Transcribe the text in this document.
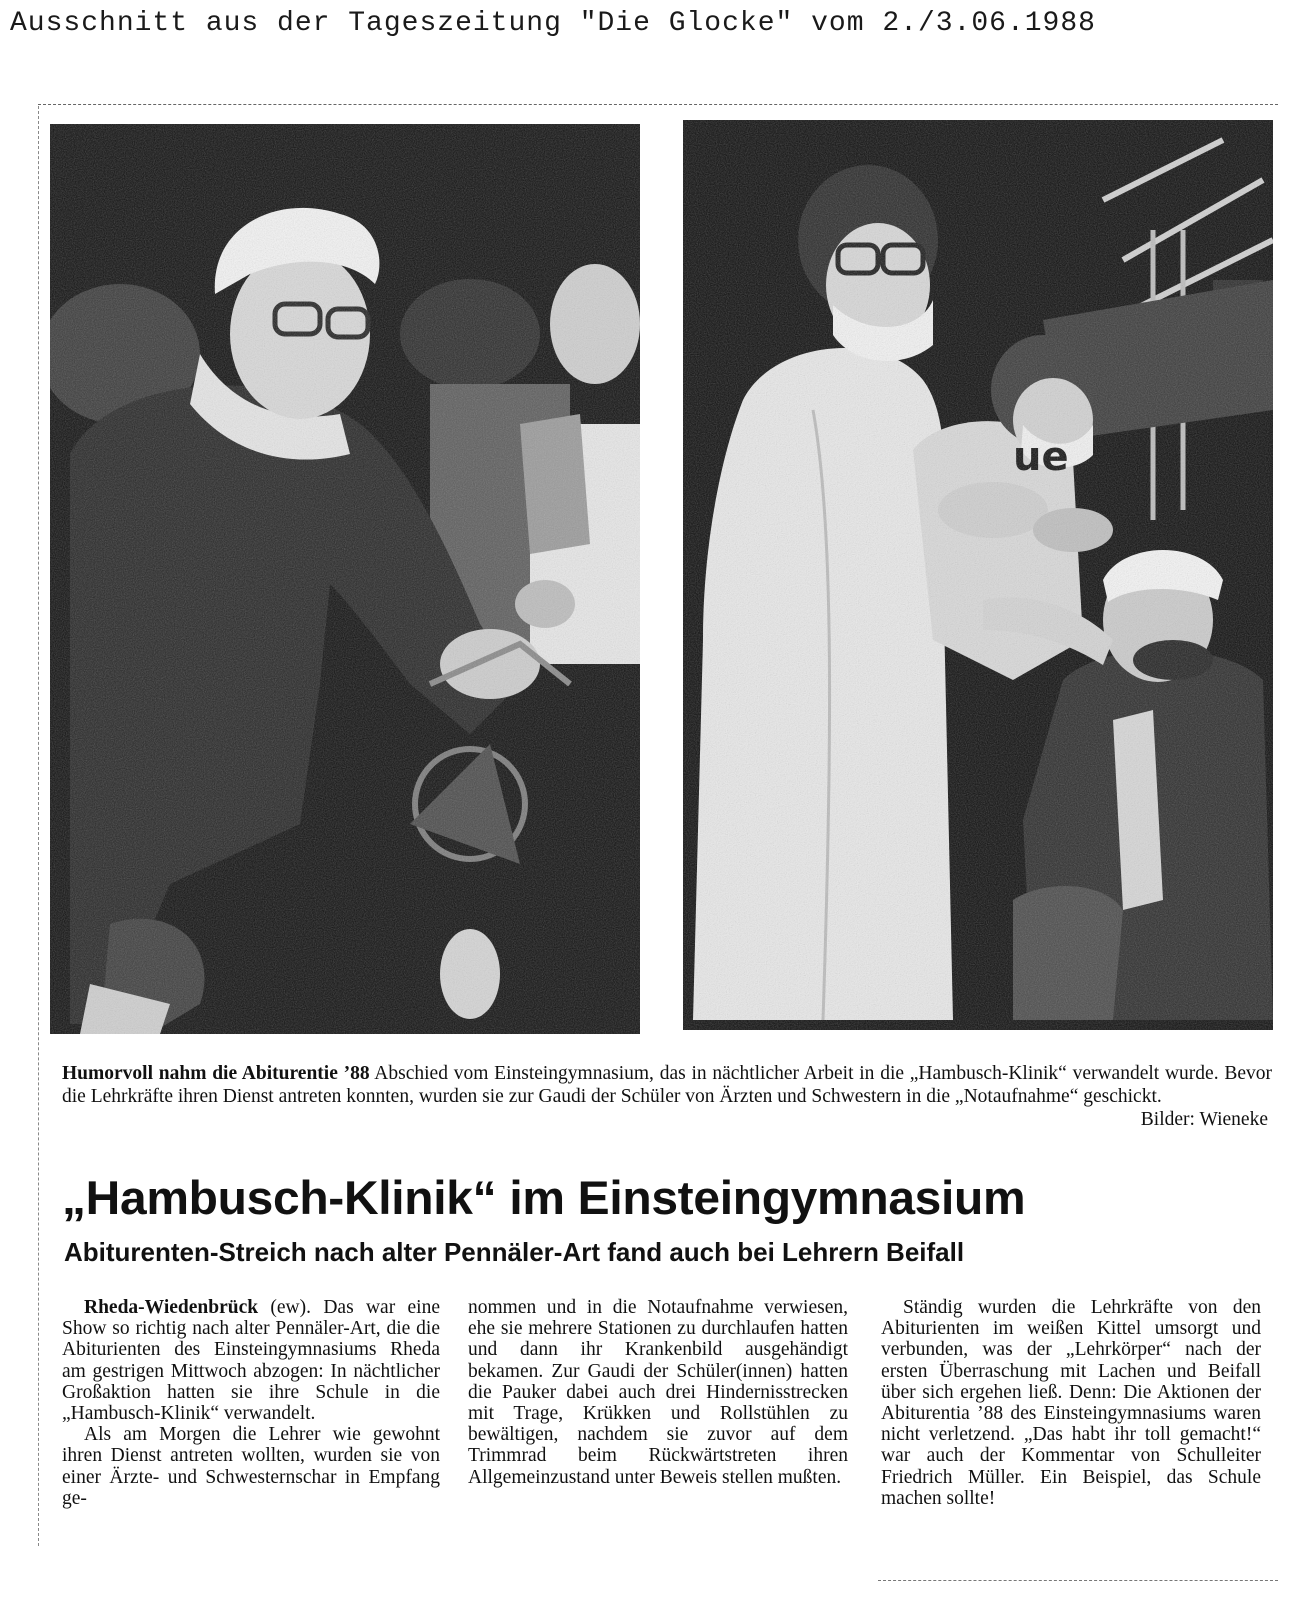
Ausschnitt aus der Tageszeitung "Die Glocke" vom 2./3.06.1988
Humorvoll nahm die Abiturentie ’88 Abschied vom Einsteingymnasium, das in nächtlicher Arbeit in die „Hambusch-Klinik“ verwandelt wurde. Bevor die Lehrkräfte ihren Dienst antreten konnten, wurden sie zur Gaudi der Schüler von Ärzten und Schwestern in die „Notaufnahme“ geschickt.
Bilder: Wieneke
„Hambusch-Klinik“ im Einsteingymnasium
Abiturenten-Streich nach alter Pennäler-Art fand auch bei Lehrern Beifall

Rheda-Wiedenbrück (ew). Das war eine Show so richtig nach alter Pennäler-Art, die die Abiturienten des Einsteingymnasiums Rheda am gestrigen Mittwoch abzogen: In nächtlicher Großaktion hatten sie ihre Schule in die „Hambusch-Klinik“ verwandelt.

Als am Morgen die Lehrer wie gewohnt ihren Dienst antreten wollten, wurden sie von einer Ärzte- und Schwesternschar in Empfang ge-

nommen und in die Notaufnahme verwiesen, ehe sie mehrere Stationen zu durchlaufen hatten und dann ihr Krankenbild ausgehändigt bekamen. Zur Gaudi der Schüler(innen) hatten die Pauker dabei auch drei Hindernisstrecken mit Trage, Krükken und Rollstühlen zu bewältigen, nachdem sie zuvor auf dem Trimmrad beim Rückwärtstreten ihren Allgemeinzustand unter Beweis stellen mußten.

Ständig wurden die Lehrkräfte von den Abiturienten im weißen Kittel umsorgt und verbunden, was der „Lehrkörper“ nach der ersten Überraschung mit Lachen und Beifall über sich ergehen ließ. Denn: Die Aktionen der Abiturentia ’88 des Einsteingymnasiums waren nicht verletzend. „Das habt ihr toll gemacht!“ war auch der Kommentar von Schulleiter Friedrich Müller. Ein Beispiel, das Schule machen sollte!
